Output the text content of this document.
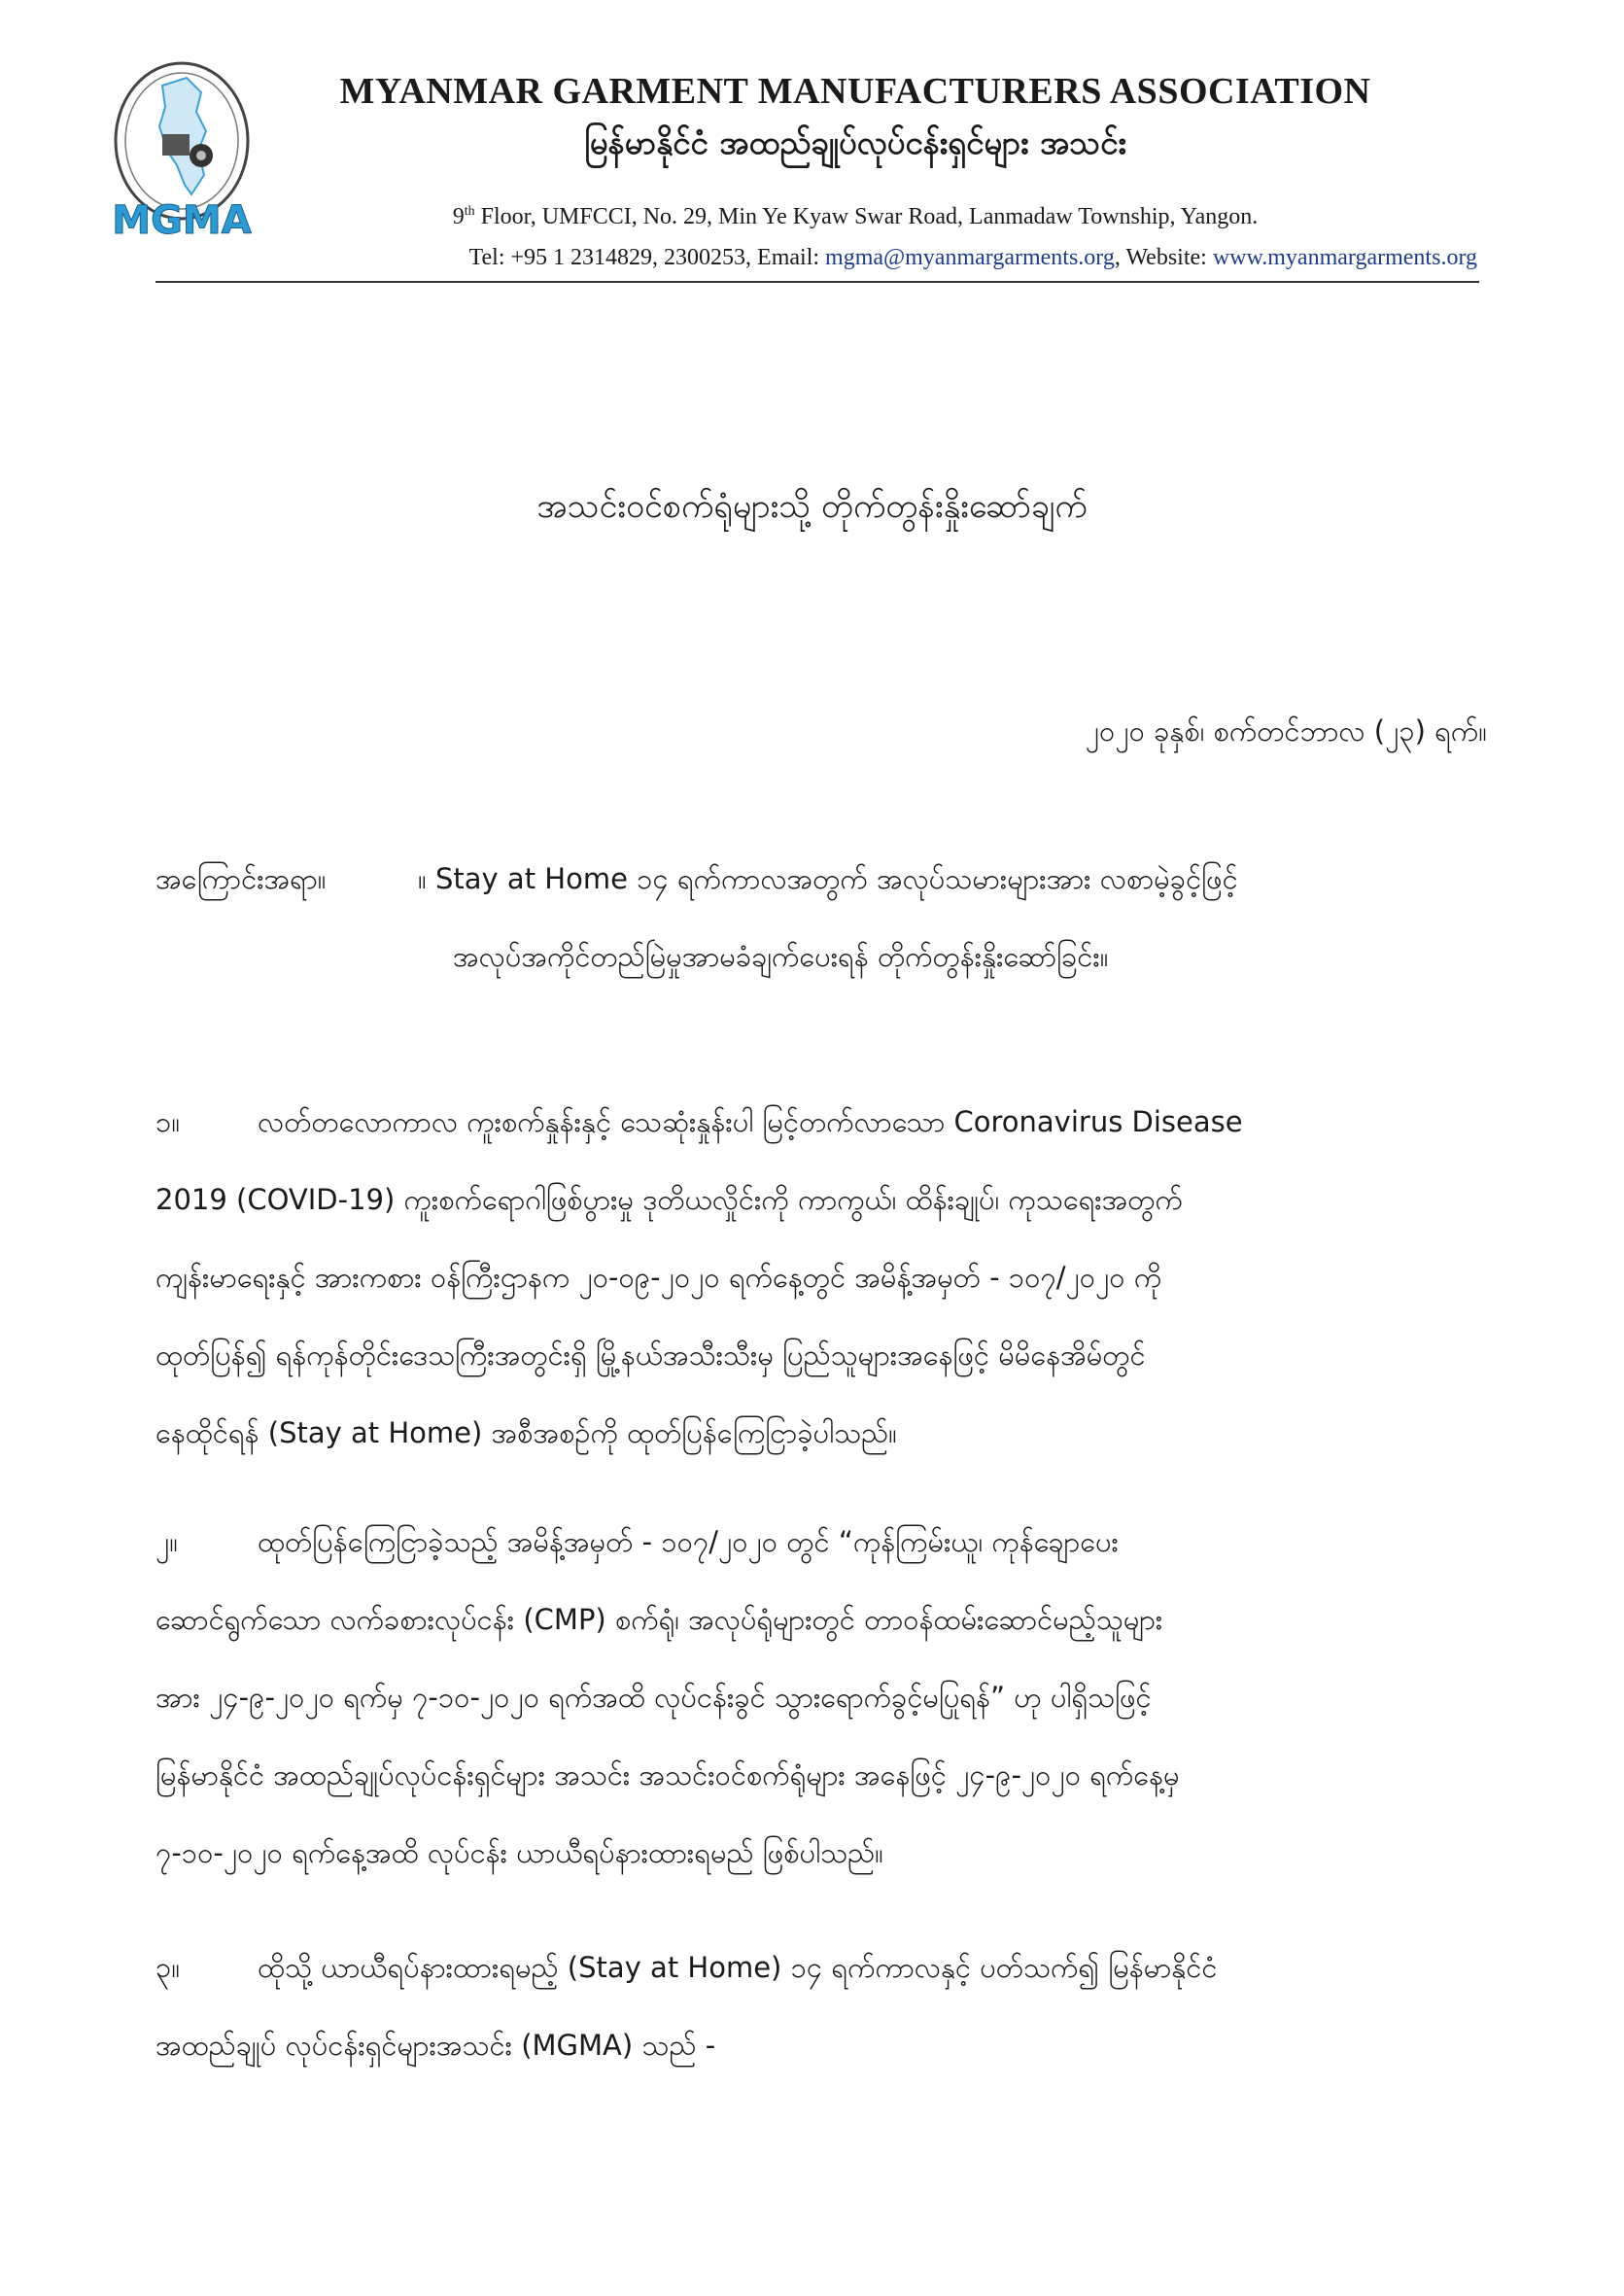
MGMA
MYANMAR GARMENT MANUFACTURERS ASSOCIATION
မြန်မာနိုင်ငံ အထည်ချုပ်လုပ်ငန်းရှင်များ အသင်း
9th Floor, UMFCCI, No. 29, Min Ye Kyaw Swar Road, Lanmadaw Township, Yangon.
Tel: +95 1 2314829, 2300253, Email: mgma@myanmargarments.org, Website: www.myanmargarments.org
အသင်းဝင်စက်ရုံများသို့ တိုက်တွန်းနှိုးဆော်ချက်
၂၀၂၀ ခုနှစ်၊ စက်တင်ဘာလ (၂၃) ရက်။
အကြောင်းအရာ။	။ Stay at Home ၁၄ ရက်ကာလအတွက် အလုပ်သမားများအား လစာမဲ့ခွင့်ဖြင့်
အလုပ်အကိုင်တည်မြဲမှုအာမခံချက်ပေးရန် တိုက်တွန်းနှိုးဆော်ခြင်း။
၁။	လတ်တလောကာလ ကူးစက်နှုန်းနှင့် သေဆုံးနှုန်းပါ မြင့်တက်လာသော Coronavirus Disease
2019 (COVID-19) ကူးစက်ရောဂါဖြစ်ပွားမှု ဒုတိယလှိုင်းကို ကာကွယ်၊ ထိန်းချုပ်၊ ကုသရေးအတွက်
ကျန်းမာရေးနှင့် အားကစား ဝန်ကြီးဌာနက ၂၀-၀၉-၂၀၂၀ ရက်နေ့တွင် အမိန့်အမှတ် - ၁၀၇/၂၀၂၀ ကို
ထုတ်ပြန်၍ ရန်ကုန်တိုင်းဒေသကြီးအတွင်းရှိ မြို့နယ်အသီးသီးမှ ပြည်သူများအနေဖြင့် မိမိနေအိမ်တွင်
နေထိုင်ရန် (Stay at Home) အစီအစဉ်ကို ထုတ်ပြန်ကြေငြာခဲ့ပါသည်။
၂။	ထုတ်ပြန်ကြေငြာခဲ့သည့် အမိန့်အမှတ် - ၁၀၇/၂၀၂၀ တွင် “ကုန်ကြမ်းယူ၊ ကုန်ချောပေး
ဆောင်ရွက်သော လက်ခစားလုပ်ငန်း (CMP) စက်ရုံ၊ အလုပ်ရုံများတွင် တာဝန်ထမ်းဆောင်မည့်သူများ
အား ၂၄-၉-၂၀၂၀ ရက်မှ ၇-၁၀-၂၀၂၀ ရက်အထိ လုပ်ငန်းခွင် သွားရောက်ခွင့်မပြုရန်” ဟု ပါရှိသဖြင့်
မြန်မာနိုင်ငံ အထည်ချုပ်လုပ်ငန်းရှင်များ အသင်း အသင်းဝင်စက်ရုံများ အနေဖြင့် ၂၄-၉-၂၀၂၀ ရက်နေ့မှ
၇-၁၀-၂၀၂၀ ရက်နေ့အထိ လုပ်ငန်း ယာယီရပ်နားထားရမည် ဖြစ်ပါသည်။
၃။	ထိုသို့ ယာယီရပ်နားထားရမည့် (Stay at Home) ၁၄ ရက်ကာလနှင့် ပတ်သက်၍ မြန်မာနိုင်ငံ
အထည်ချုပ် လုပ်ငန်းရှင်များအသင်း (MGMA) သည် -
